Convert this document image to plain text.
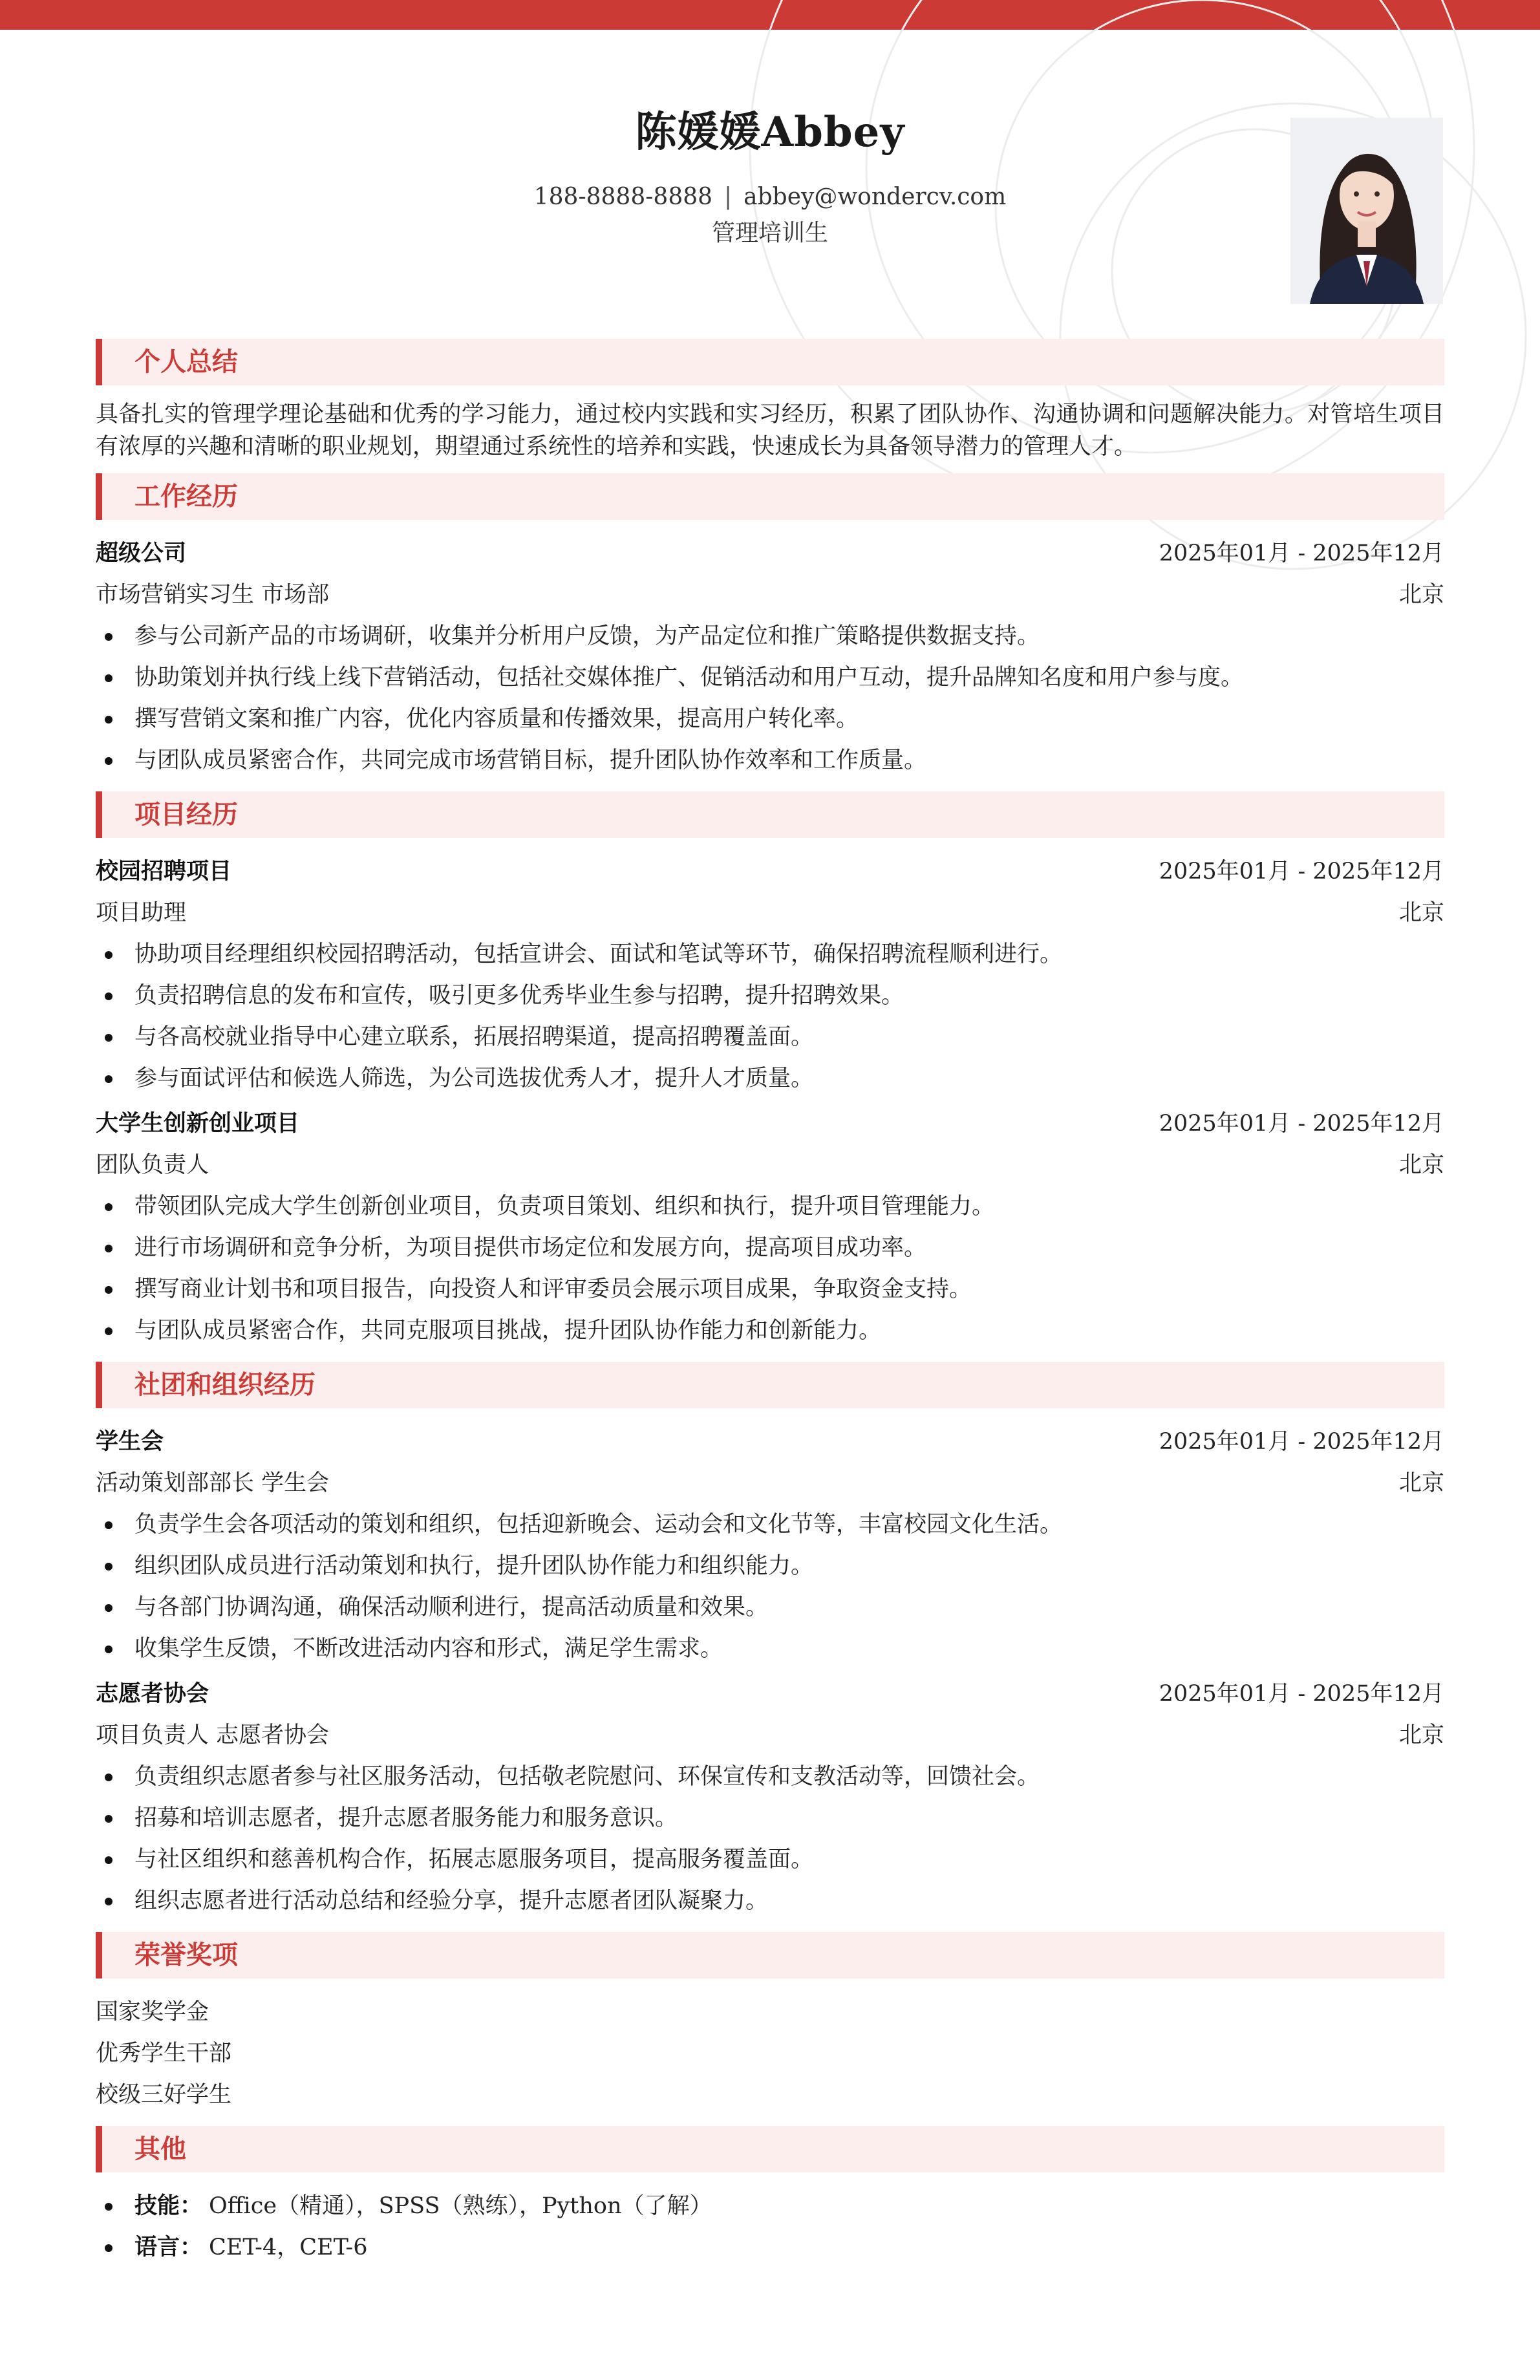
陈媛媛Abbey
188-8888-8888 | abbey@wondercv.com
管理培训生
个人总结
具备扎实的管理学理论基础和优秀的学习能力，通过校内实践和实习经历，积累了团队协作、沟通协调和问题解决能力。对管培生项目有浓厚的兴趣和清晰的职业规划，期望通过系统性的培养和实践，快速成长为具备领导潜力的管理人才。
工作经历
超级公司	2025年01月 - 2025年12月
市场营销实习生 市场部	北京
参与公司新产品的市场调研，收集并分析用户反馈，为产品定位和推广策略提供数据支持。
协助策划并执行线上线下营销活动，包括社交媒体推广、促销活动和用户互动，提升品牌知名度和用户参与度。
撰写营销文案和推广内容，优化内容质量和传播效果，提高用户转化率。
与团队成员紧密合作，共同完成市场营销目标，提升团队协作效率和工作质量。
项目经历
校园招聘项目	2025年01月 - 2025年12月
项目助理	北京
协助项目经理组织校园招聘活动，包括宣讲会、面试和笔试等环节，确保招聘流程顺利进行。
负责招聘信息的发布和宣传，吸引更多优秀毕业生参与招聘，提升招聘效果。
与各高校就业指导中心建立联系，拓展招聘渠道，提高招聘覆盖面。
参与面试评估和候选人筛选，为公司选拔优秀人才，提升人才质量。
大学生创新创业项目	2025年01月 - 2025年12月
团队负责人	北京
带领团队完成大学生创新创业项目，负责项目策划、组织和执行，提升项目管理能力。
进行市场调研和竞争分析，为项目提供市场定位和发展方向，提高项目成功率。
撰写商业计划书和项目报告，向投资人和评审委员会展示项目成果，争取资金支持。
与团队成员紧密合作，共同克服项目挑战，提升团队协作能力和创新能力。
社团和组织经历
学生会	2025年01月 - 2025年12月
活动策划部部长 学生会	北京
负责学生会各项活动的策划和组织，包括迎新晚会、运动会和文化节等，丰富校园文化生活。
组织团队成员进行活动策划和执行，提升团队协作能力和组织能力。
与各部门协调沟通，确保活动顺利进行，提高活动质量和效果。
收集学生反馈，不断改进活动内容和形式，满足学生需求。
志愿者协会	2025年01月 - 2025年12月
项目负责人 志愿者协会	北京
负责组织志愿者参与社区服务活动，包括敬老院慰问、环保宣传和支教活动等，回馈社会。
招募和培训志愿者，提升志愿者服务能力和服务意识。
与社区组织和慈善机构合作，拓展志愿服务项目，提高服务覆盖面。
组织志愿者进行活动总结和经验分享，提升志愿者团队凝聚力。
荣誉奖项
国家奖学金
优秀学生干部
校级三好学生
其他
技能： Office（精通），SPSS（熟练），Python（了解）
语言： CET-4，CET-6
